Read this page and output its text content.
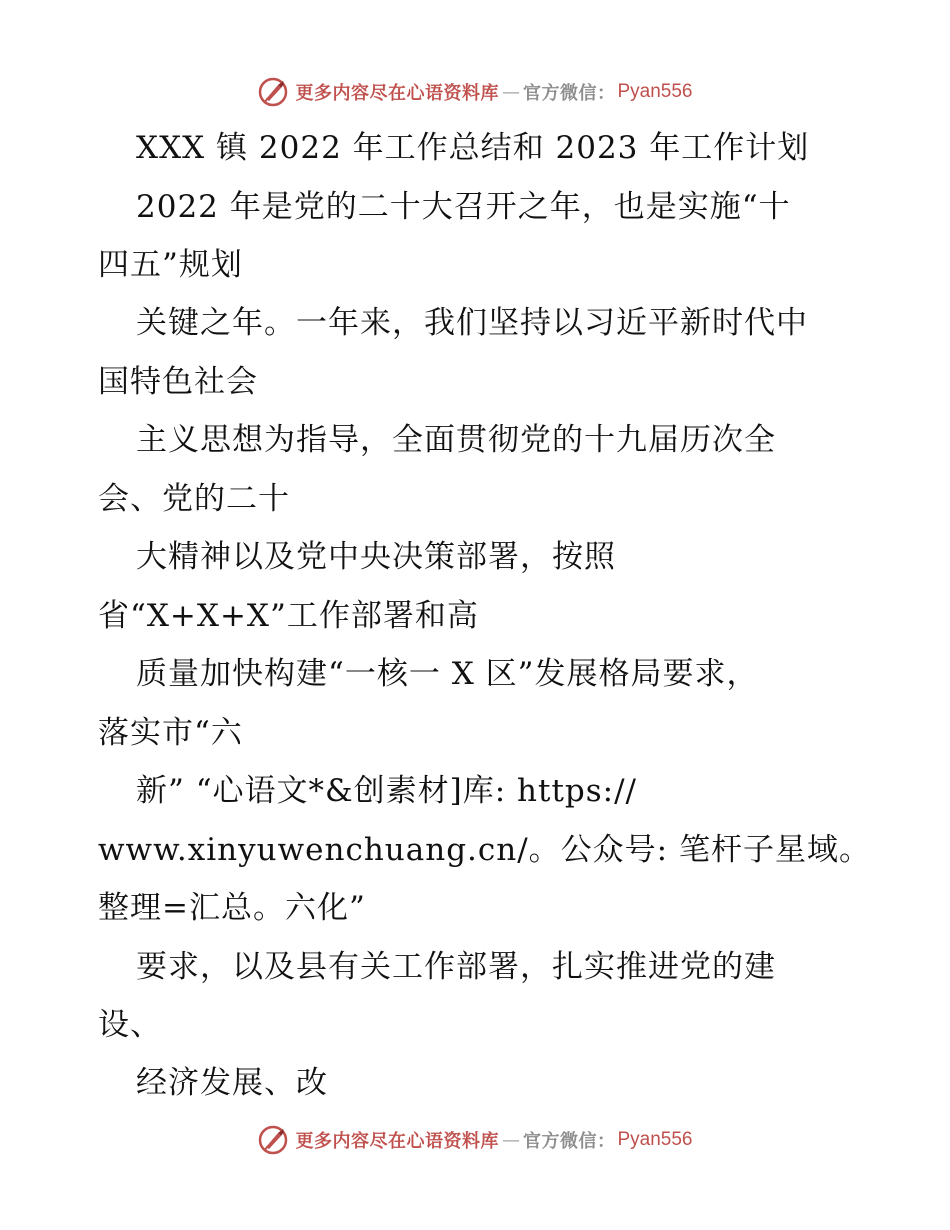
更多内容尽在心语资料库 — 官方微信： Pyan556
XXX 镇 2022 年工作总结和 2023 年工作计划
2022 年是党的二十大召开之年，也是实施“十
四五”规划
关键之年。一年来，我们坚持以习近平新时代中
国特色社会
主义思想为指导，全面贯彻党的十九届历次全
会、党的二十
大精神以及党中央决策部署，按照
省“X+X+X”工作部署和高
质量加快构建“一核一 X 区”发展格局要求，
落实市“六
新” “心语文*&创素材]库: https://
www.xinyuwenchuang.cn/。公众号: 笔杆子星域。
整理=汇总。六化”
要求，以及县有关工作部署，扎实推进党的建
设、
经济发展、改
更多内容尽在心语资料库 — 官方微信： Pyan556
